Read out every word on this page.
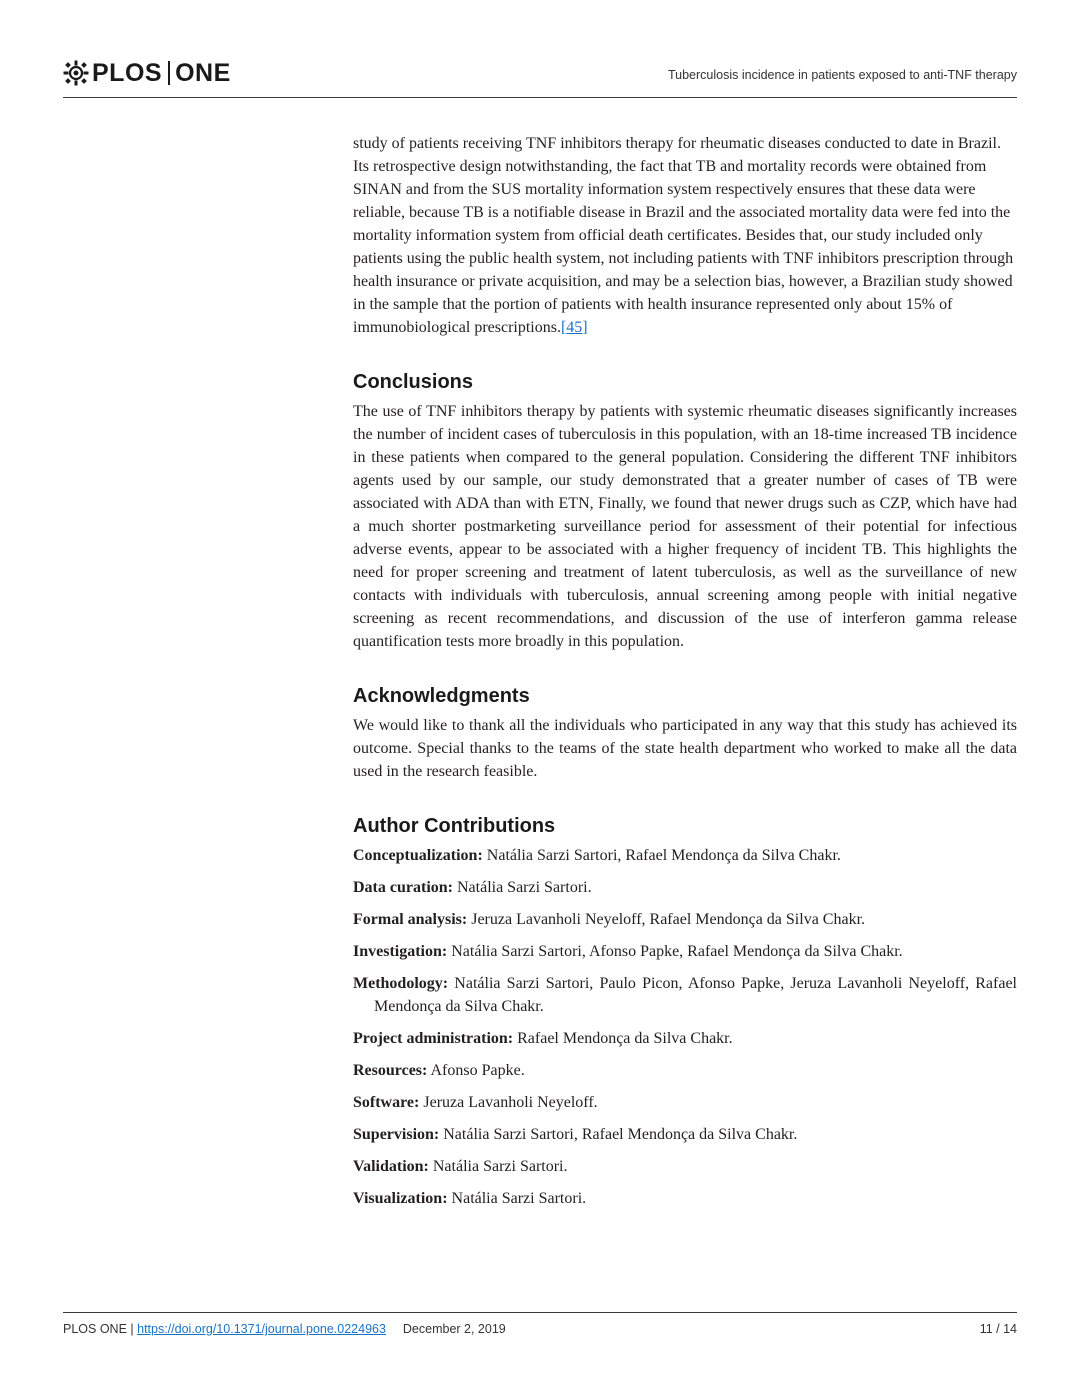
PLOS ONE	Tuberculosis incidence in patients exposed to anti-TNF therapy

study of patients receiving TNF inhibitors therapy for rheumatic diseases conducted to date in Brazil. Its retrospective design notwithstanding, the fact that TB and mortality records were obtained from SINAN and from the SUS mortality information system respectively ensures that these data were reliable, because TB is a notifiable disease in Brazil and the associated mortality data were fed into the mortality information system from official death certificates. Besides that, our study included only patients using the public health system, not including patients with TNF inhibitors prescription through health insurance or private acquisition, and may be a selection bias, however, a Brazilian study showed in the sample that the portion of patients with health insurance represented only about 15% of immunobiological prescriptions.[45]

Conclusions

The use of TNF inhibitors therapy by patients with systemic rheumatic diseases significantly increases the number of incident cases of tuberculosis in this population, with an 18-time increased TB incidence in these patients when compared to the general population. Considering the different TNF inhibitors agents used by our sample, our study demonstrated that a greater number of cases of TB were associated with ADA than with ETN, Finally, we found that newer drugs such as CZP, which have had a much shorter postmarketing surveillance period for assessment of their potential for infectious adverse events, appear to be associated with a higher frequency of incident TB. This highlights the need for proper screening and treatment of latent tuberculosis, as well as the surveillance of new contacts with individuals with tuberculosis, annual screening among people with initial negative screening as recent recommendations, and discussion of the use of interferon gamma release quantification tests more broadly in this population.

Acknowledgments

We would like to thank all the individuals who participated in any way that this study has achieved its outcome. Special thanks to the teams of the state health department who worked to make all the data used in the research feasible.

Author Contributions

Conceptualization: Natália Sarzi Sartori, Rafael Mendonça da Silva Chakr.

Data curation: Natália Sarzi Sartori.

Formal analysis: Jeruza Lavanholi Neyeloff, Rafael Mendonça da Silva Chakr.

Investigation: Natália Sarzi Sartori, Afonso Papke, Rafael Mendonça da Silva Chakr.

Methodology: Natália Sarzi Sartori, Paulo Picon, Afonso Papke, Jeruza Lavanholi Neyeloff, Rafael Mendonça da Silva Chakr.

Project administration: Rafael Mendonça da Silva Chakr.

Resources: Afonso Papke.

Software: Jeruza Lavanholi Neyeloff.

Supervision: Natália Sarzi Sartori, Rafael Mendonça da Silva Chakr.

Validation: Natália Sarzi Sartori.

Visualization: Natália Sarzi Sartori.

PLOS ONE | https://doi.org/10.1371/journal.pone.0224963 December 2, 2019	11 / 14
